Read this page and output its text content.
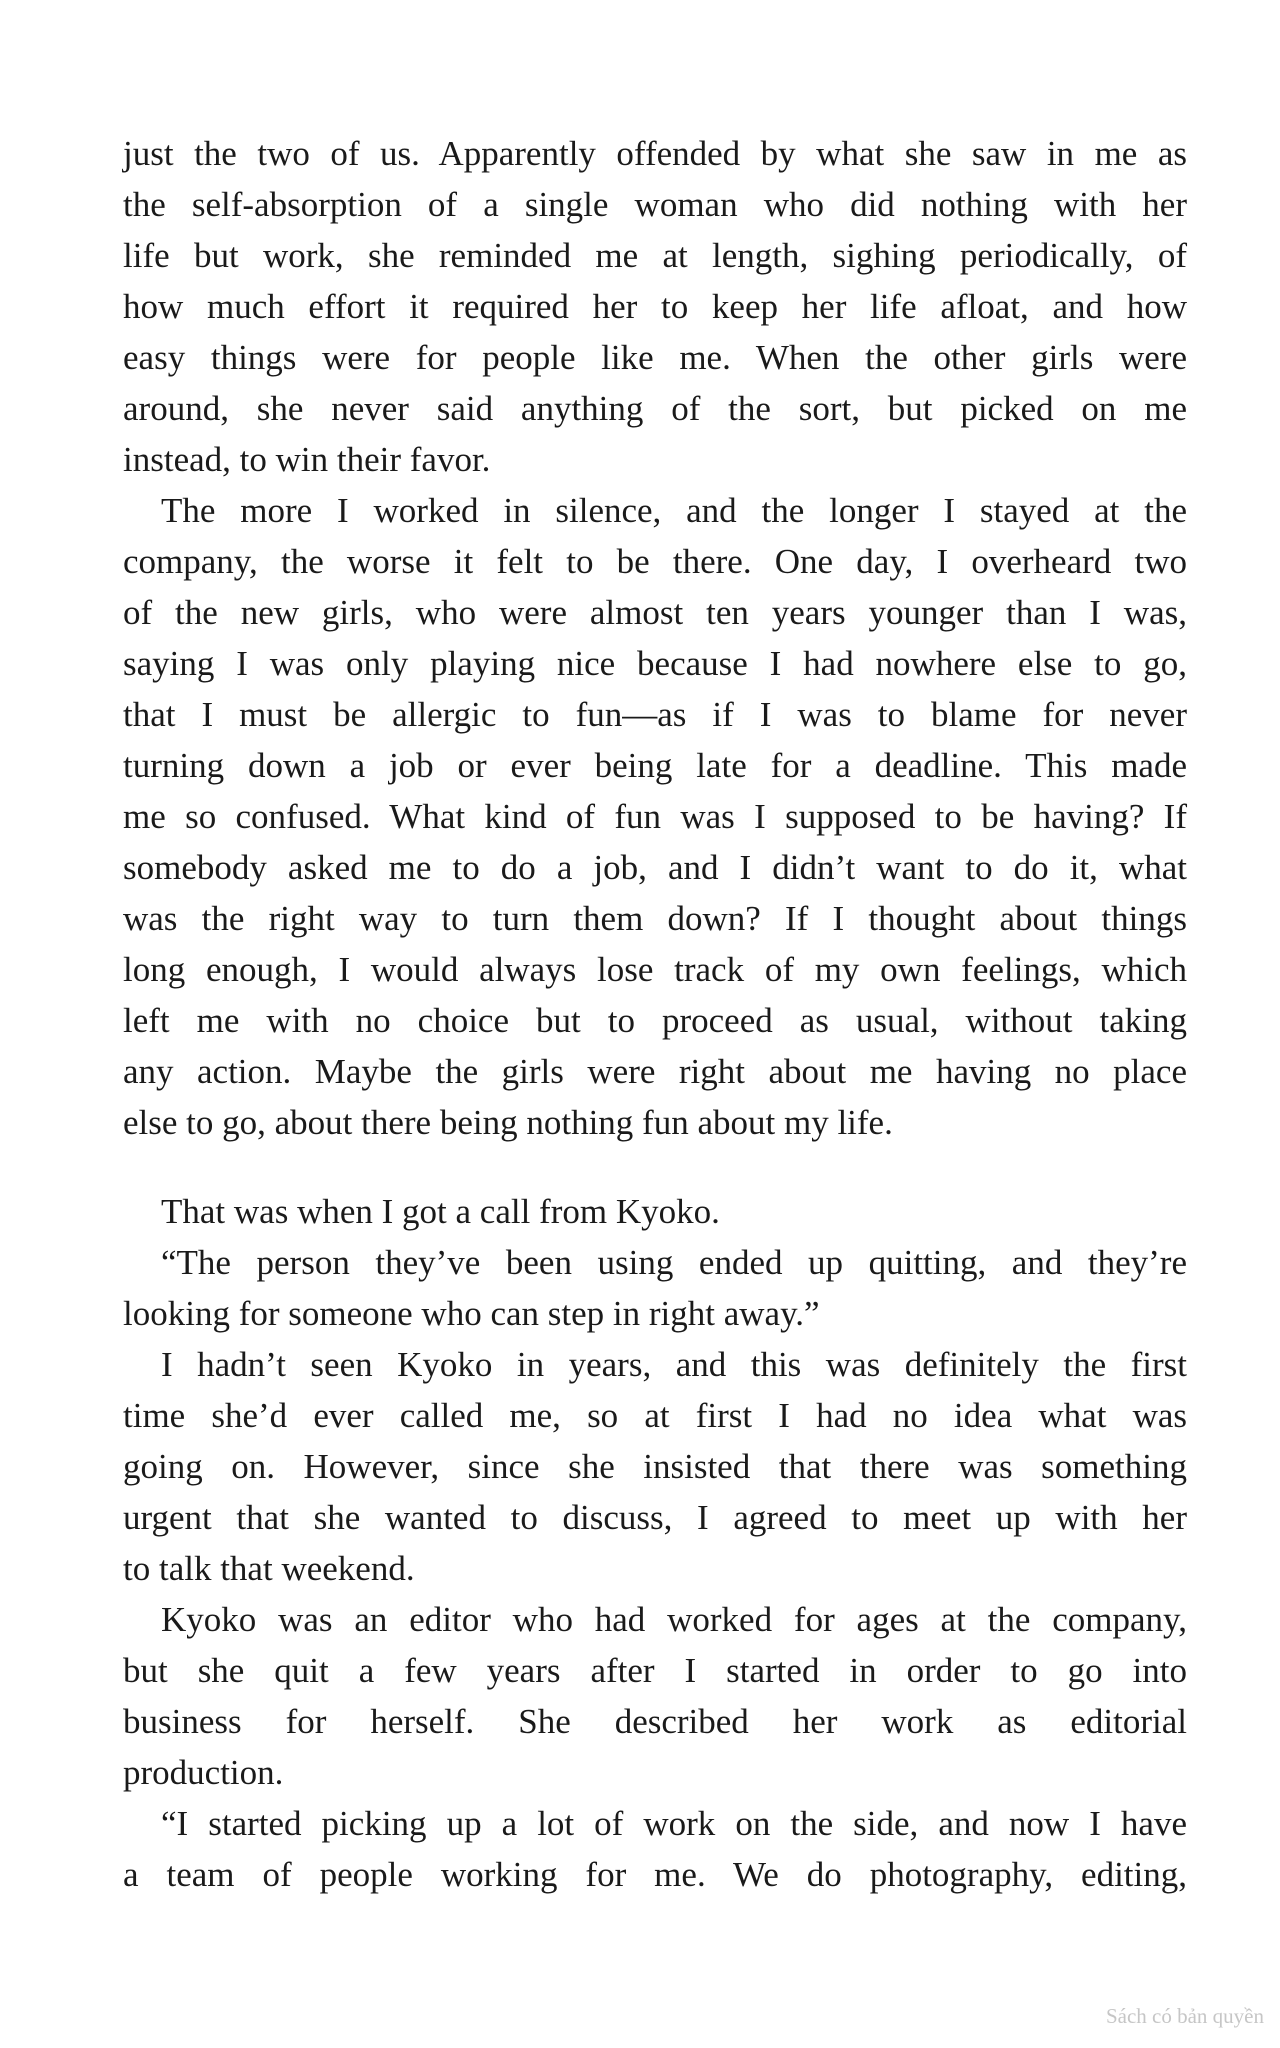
just the two of us. Apparently offended by what she saw in me as
the self-absorption of a single woman who did nothing with her
life but work, she reminded me at length, sighing periodically, of
how much effort it required her to keep her life afloat, and how
easy things were for people like me. When the other girls were
around, she never said anything of the sort, but picked on me
instead, to win their favor.
The more I worked in silence, and the longer I stayed at the
company, the worse it felt to be there. One day, I overheard two
of the new girls, who were almost ten years younger than I was,
saying I was only playing nice because I had nowhere else to go,
that I must be allergic to fun—as if I was to blame for never
turning down a job or ever being late for a deadline. This made
me so confused. What kind of fun was I supposed to be having? If
somebody asked me to do a job, and I didn’t want to do it, what
was the right way to turn them down? If I thought about things
long enough, I would always lose track of my own feelings, which
left me with no choice but to proceed as usual, without taking
any action. Maybe the girls were right about me having no place
else to go, about there being nothing fun about my life.
That was when I got a call from Kyoko.
“The person they’ve been using ended up quitting, and they’re
looking for someone who can step in right away.”
I hadn’t seen Kyoko in years, and this was definitely the first
time she’d ever called me, so at first I had no idea what was
going on. However, since she insisted that there was something
urgent that she wanted to discuss, I agreed to meet up with her
to talk that weekend.
Kyoko was an editor who had worked for ages at the company,
but she quit a few years after I started in order to go into
business for herself. She described her work as editorial
production.
“I started picking up a lot of work on the side, and now I have
a team of people working for me. We do photography, editing,
Sách có bản quyền
